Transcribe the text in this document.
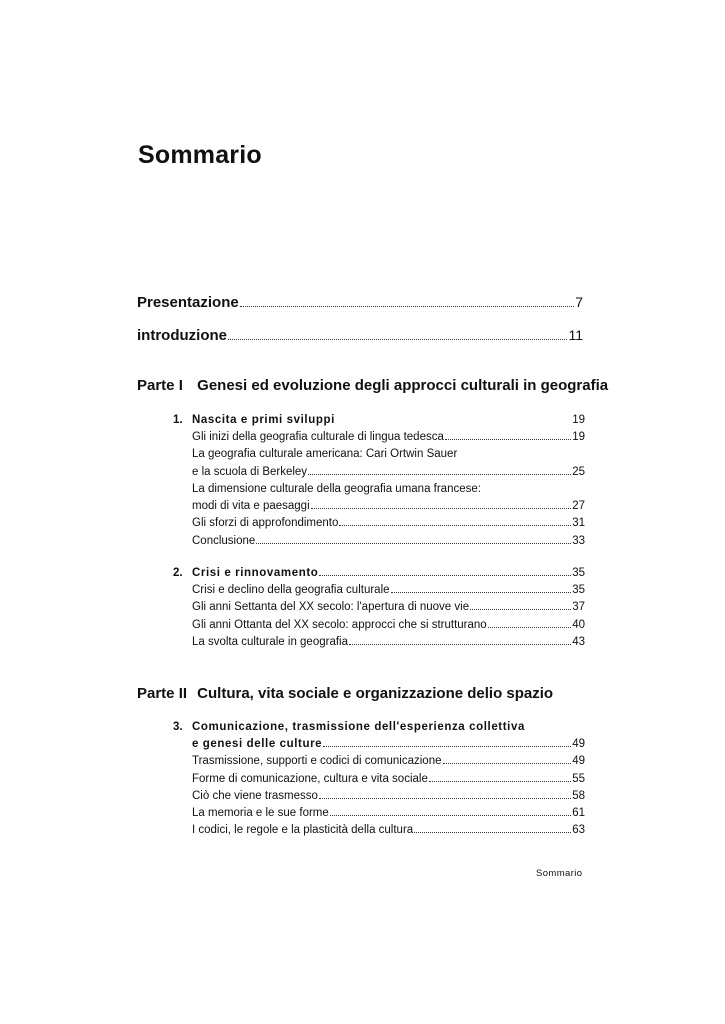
Sommario
Presentazione	7
introduzione	11
Parte I Genesi ed evoluzione degli approcci culturali in geografia
1. Nascita e primi sviluppi	19
Gli inizi della geografia culturale di lingua tedesca	19
La geografia culturale americana: Cari Ortwin Sauer
e la scuola di Berkeley	25
La dimensione culturale della geografia umana francese:
modi di vita e paesaggi	27
Gli sforzi di approfondimento	31
Conclusione	33
2. Crisi e rinnovamento	35
Crisi e declino della geografia culturale	35
Gli anni Settanta del XX secolo: l'apertura di nuove vie	37
Gli anni Ottanta del XX secolo: approcci che si strutturano	40
La svolta culturale in geografia	43
Parte II Cultura, vita sociale e organizzazione delio spazio
3. Comunicazione, trasmissione dell'esperienza collettiva
e genesi delle culture	49
Trasmissione, supporti e codici di comunicazione	49
Forme di comunicazione, cultura e vita sociale	55
Ciò che viene trasmesso	58
La memoria e le sue forme	61
I codici, le regole e la plasticità della cultura	63
Sommario
